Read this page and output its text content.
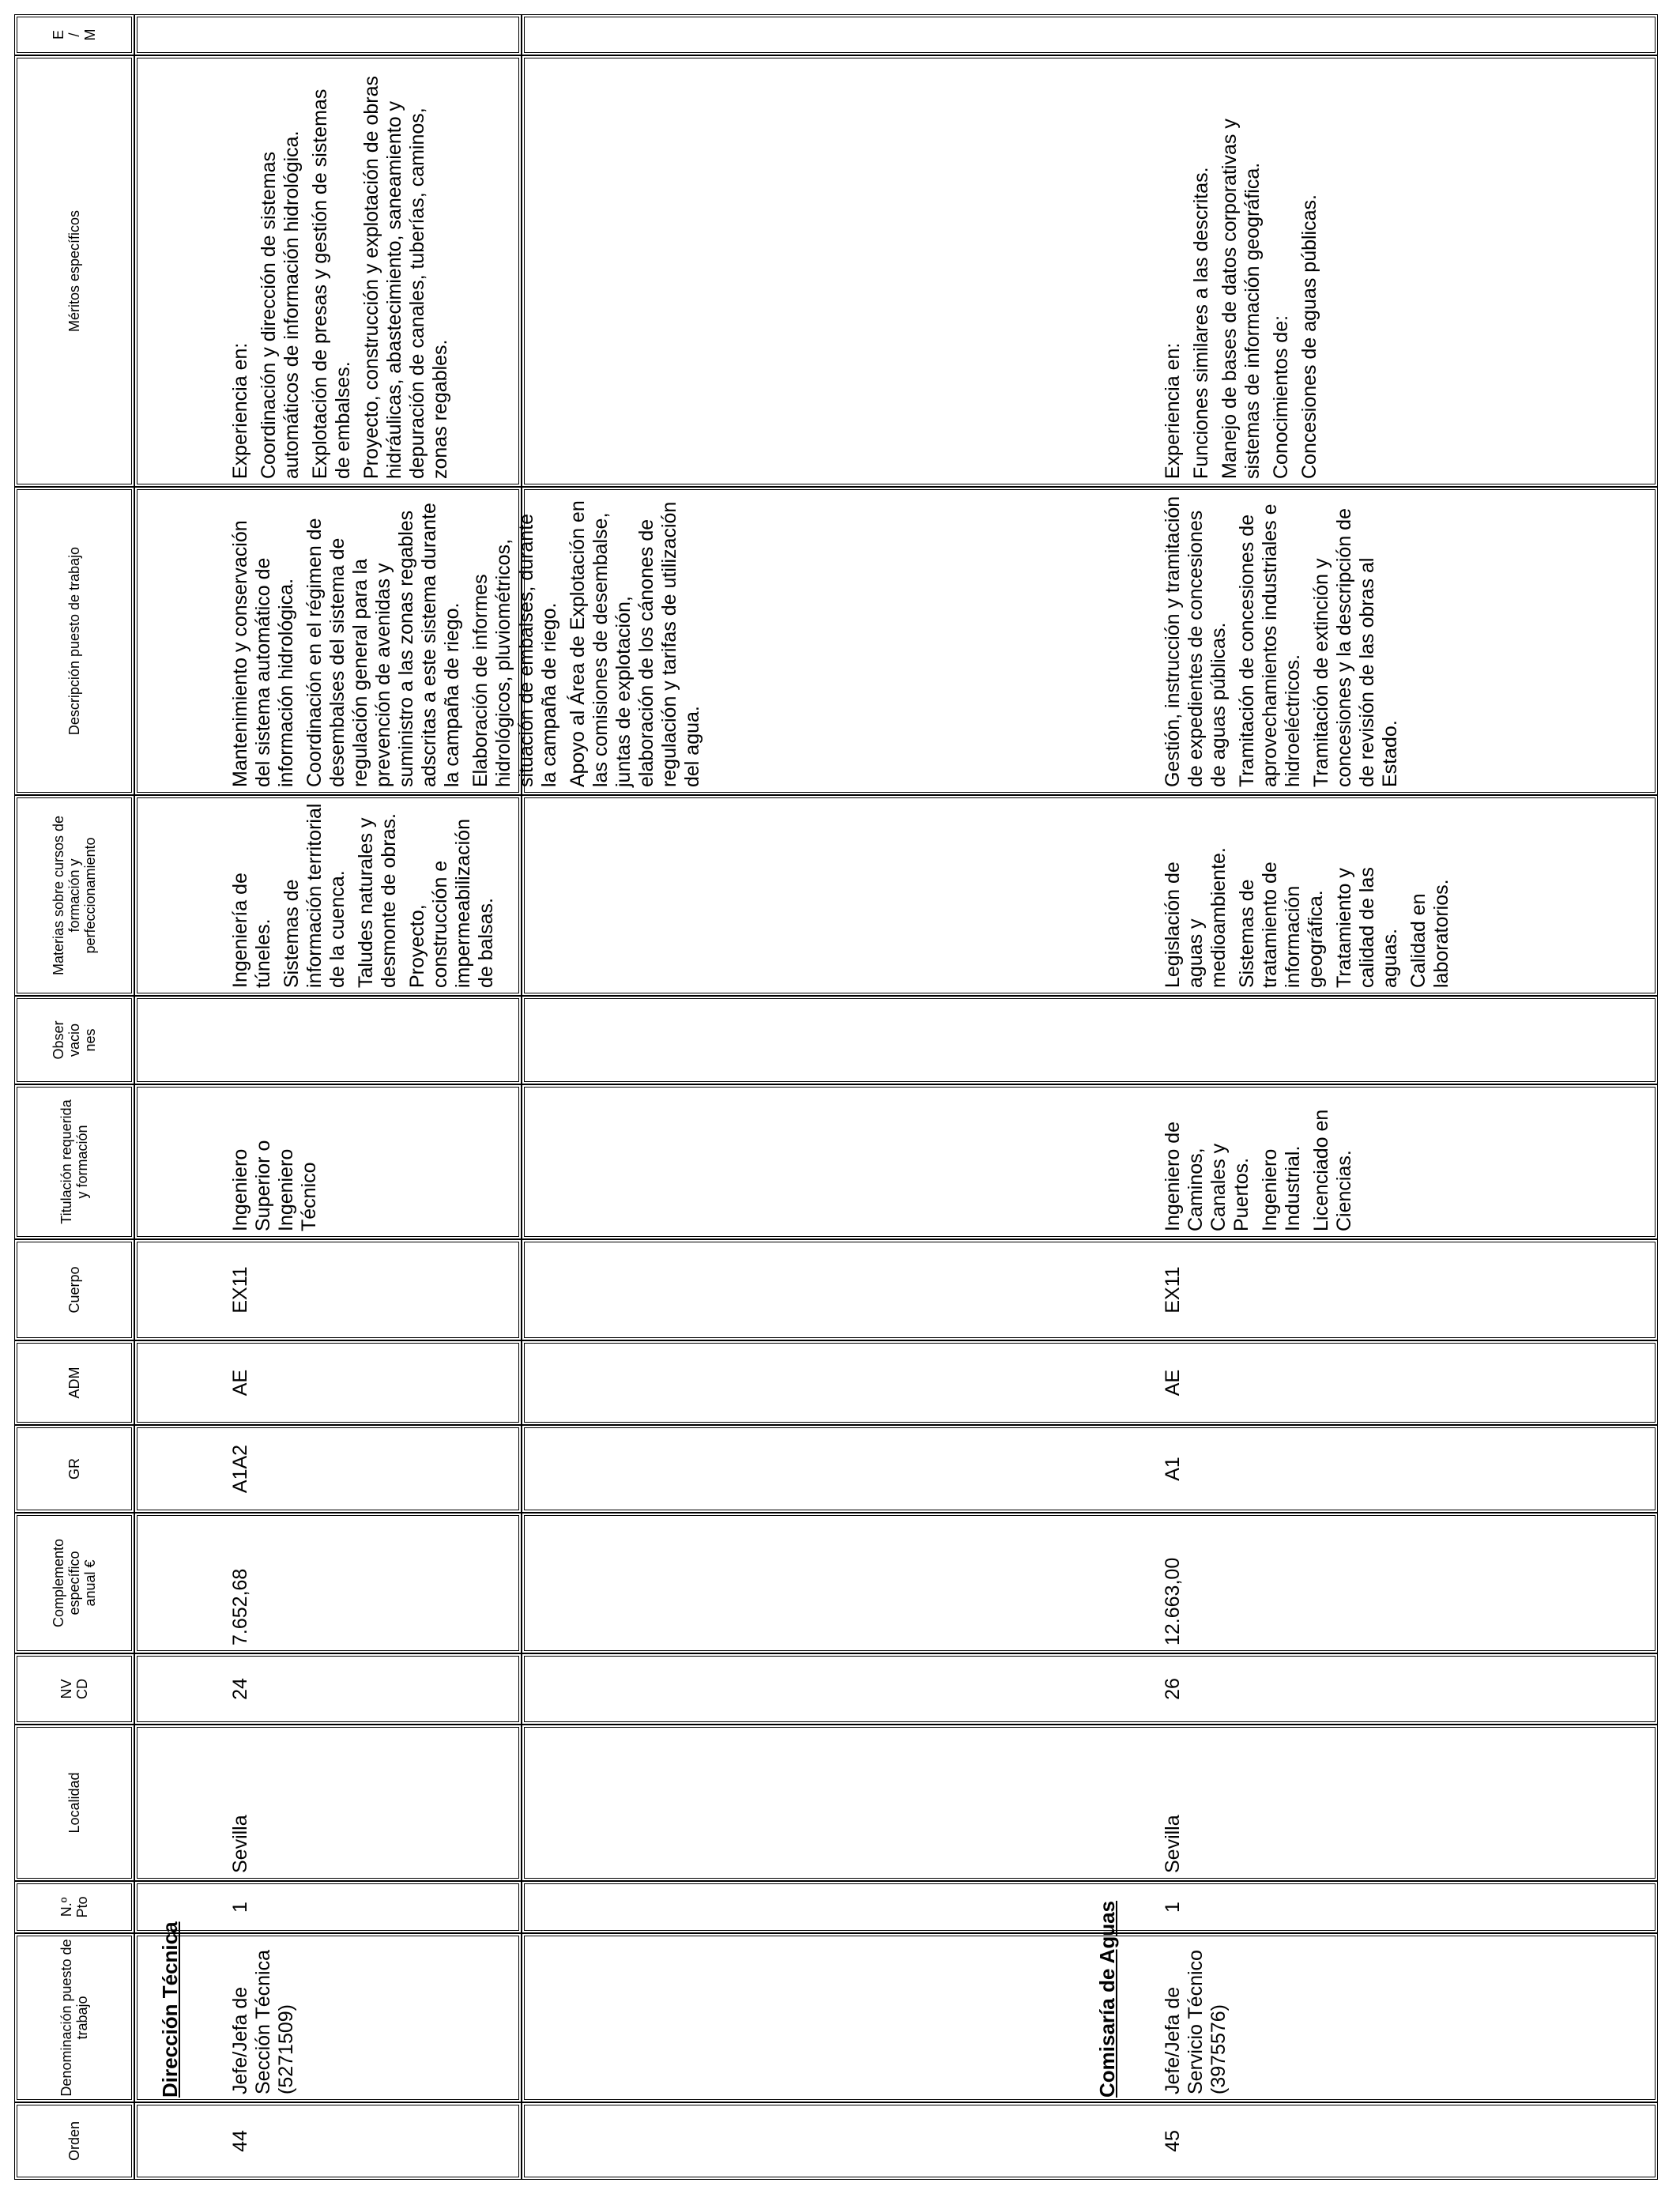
Orden
Denominación puesto de trabajo
N.º
Pto
Localidad
NV
CD
Complemento
específico
anual €
GR
ADM
Cuerpo
Titulación requerida
y formación
Obser
vacio
nes
Materias sobre cursos de
formación y
perfeccionamiento
Descripción puesto de trabajo
Méritos específicos
E
/
M
Dirección Técnica	Comisaría de Aguas
44
Jefe/Jefa de Sección Técnica (5271509)
1
Sevilla
24
7.652,68
A1A2
AE
EX11

Ingeniero Superior o Ingeniero Técnico

Ingeniería de túneles. Sistemas de información territorial de la cuenca. Taludes naturales y desmonte de obras. Proyecto, construcción e impermeabilización de balsas.

Mantenimiento y conservación del sistema automático de información hidrológica. Coordinación en el régimen de desembalses del sistema de regulación general para la prevención de avenidas y suministro a las zonas regables adscritas a este sistema durante la campaña de riego. Elaboración de informes hidrológicos, pluviométricos, situación de embalses, durante la campaña de riego. Apoyo al Área de Explotación en las comisiones de desembalse, juntas de explotación, elaboración de los cánones de regulación y tarifas de utilización del agua.

Experiencia en: Coordinación y dirección de sistemas automáticos de información hidrológica. Explotación de presas y gestión de sistemas de embalses. Proyecto, construcción y explotación de obras hidráulicas, abastecimiento, saneamiento y depuración de canales, tuberías, caminos, zonas regables.

45
Jefe/Jefa de Servicio Técnico (3975576)
1
Sevilla
26
12.663,00
A1
AE
EX11

Ingeniero de Caminos, Canales y Puertos. Ingeniero Industrial. Licenciado en Ciencias.

Legislación de aguas y medioambiente. Sistemas de tratamiento de información geográfica. Tratamiento y calidad de las aguas. Calidad en laboratorios.

Gestión, instrucción y tramitación de expedientes de concesiones de aguas públicas. Tramitación de concesiones de aprovechamientos industriales e hidroeléctricos. Tramitación de extinción y concesiones y la descripción de de revisión de las obras al Estado.

Experiencia en: Funciones similares a las descritas. Manejo de bases de datos corporativas y sistemas de información geográfica. Conocimientos de: Concesiones de aguas públicas.
